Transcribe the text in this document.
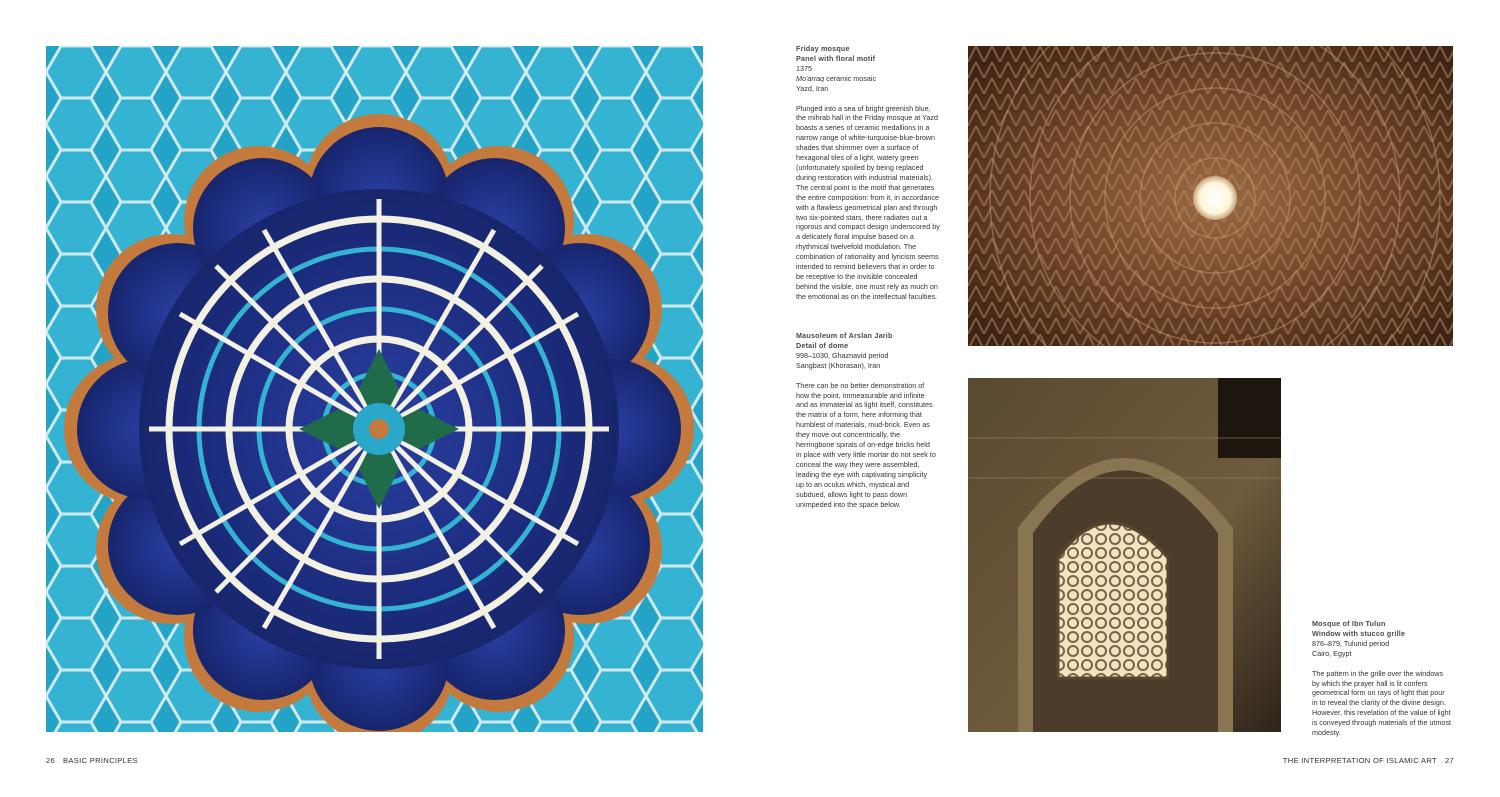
Friday mosque
Panel with floral motif
1375
Mo'arraq ceramic mosaic
Yazd, Iran
Plunged into a sea of bright greenish blue, the mihrab hall in the Friday mosque at Yazd boasts a series of ceramic medallions in a narrow range of white-turquoise-blue-brown shades that shimmer over a surface of hexagonal tiles of a light, watery green (unfortunately spoiled by being replaced during restoration with industrial materials). The central point is the motif that generates the entire composition: from it, in accordance with a flawless geometrical plan and through two six-pointed stars, there radiates out a rigorous and compact design underscored by a delicately floral impulse based on a rhythmical twelvefold modulation. The combination of rationality and lyricism seems intended to remind believers that in order to be receptive to the invisible concealed behind the visible, one must rely as much on the emotional as on the intellectual faculties.
Mausoleum of Arslan Jarib
Detail of dome
998–1030, Ghaznavid period
Sangbast (Khorasan), Iran
There can be no better demonstration of how the point, immeasurable and infinite and as immaterial as light itself, constitutes the matrix of a form, here informing that humblest of materials, mud-brick. Even as they move out concentrically, the herringbone spirals of on-edge bricks held in place with very little mortar do not seek to conceal the way they were assembled, leading the eye with captivating simplicity up to an oculus which, mystical and subdued, allows light to pass down unimpeded into the space below.
Mosque of Ibn Tulun
Window with stucco grille
876–879, Tulunid period
Cairo, Egypt
The pattern in the grille over the windows by which the prayer hall is lit confers geometrical form on rays of light that pour in to reveal the clarity of the divine design. However, this revelation of the value of light is conveyed through materials of the utmost modesty.
26 BASIC PRINCIPLES	THE INTERPRETATION OF ISLAMIC ART 27
